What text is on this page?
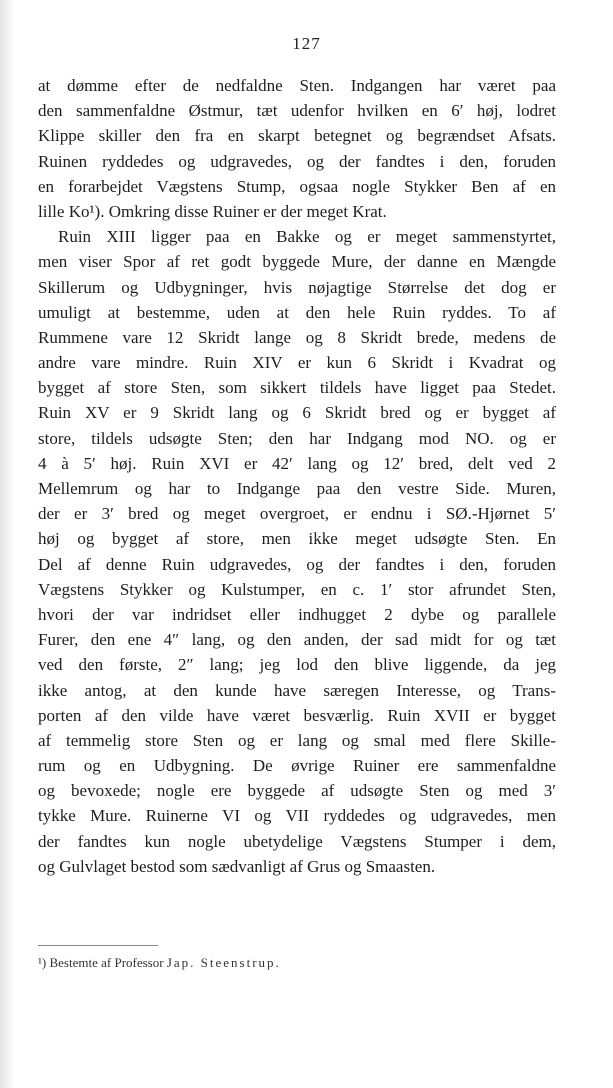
127
at dømme efter de nedfaldne Sten. Indgangen har været paa
den sammenfaldne Østmur, tæt udenfor hvilken en 6′ høj, lodret
Klippe skiller den fra en skarpt betegnet og begrændset Afsats.
Ruinen ryddedes og udgravedes, og der fandtes i den, foruden
en forarbejdet Vægstens Stump, ogsaa nogle Stykker Ben af en
lille Ko¹). Omkring disse Ruiner er der meget Krat.
Ruin XIII ligger paa en Bakke og er meget sammenstyrtet,
men viser Spor af ret godt byggede Mure, der danne en Mængde
Skillerum og Udbygninger, hvis nøjagtige Størrelse det dog er
umuligt at bestemme, uden at den hele Ruin ryddes. To af
Rummene vare 12 Skridt lange og 8 Skridt brede, medens de
andre vare mindre. Ruin XIV er kun 6 Skridt i Kvadrat og
bygget af store Sten, som sikkert tildels have ligget paa Stedet.
Ruin XV er 9 Skridt lang og 6 Skridt bred og er bygget af
store, tildels udsøgte Sten; den har Indgang mod NO. og er
4 à 5′ høj. Ruin XVI er 42′ lang og 12′ bred, delt ved 2
Mellemrum og har to Indgange paa den vestre Side. Muren,
der er 3′ bred og meget overgroet, er endnu i SØ.-Hjørnet 5′
høj og bygget af store, men ikke meget udsøgte Sten. En
Del af denne Ruin udgravedes, og der fandtes i den, foruden
Vægstens Stykker og Kulstumper, en c. 1′ stor afrundet Sten,
hvori der var indridset eller indhugget 2 dybe og parallele
Furer, den ene 4″ lang, og den anden, der sad midt for og tæt
ved den første, 2″ lang; jeg lod den blive liggende, da jeg
ikke antog, at den kunde have særegen Interesse, og Trans-
porten af den vilde have været besværlig. Ruin XVII er bygget
af temmelig store Sten og er lang og smal med flere Skille-
rum og en Udbygning. De øvrige Ruiner ere sammenfaldne
og bevoxede; nogle ere byggede af udsøgte Sten og med 3′
tykke Mure. Ruinerne VI og VII ryddedes og udgravedes, men
der fandtes kun nogle ubetydelige Vægstens Stumper i dem,
og Gulvlaget bestod som sædvanligt af Grus og Smaasten.
¹) Bestemte af Professor Jap. Steenstrup.
